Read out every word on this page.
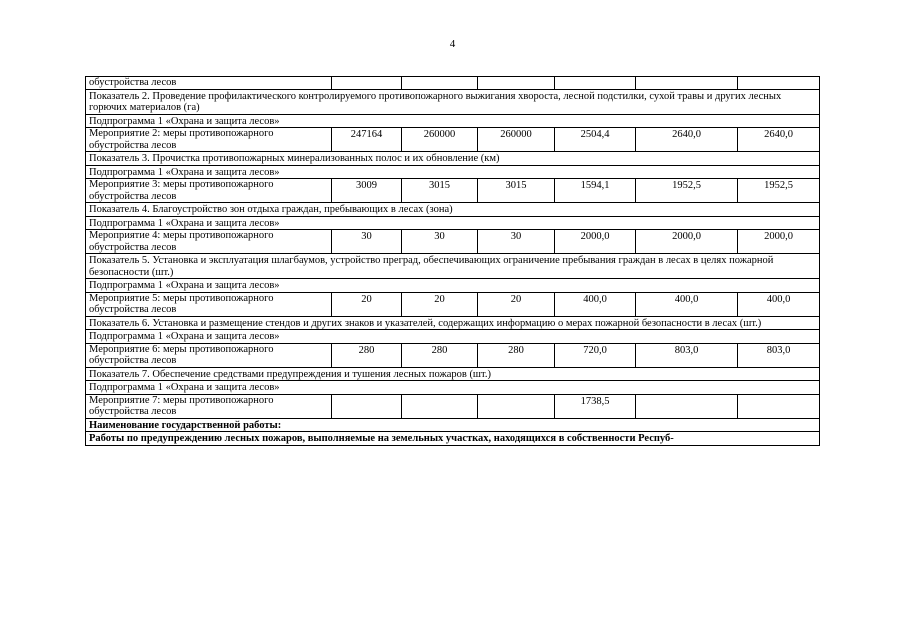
4
обустройства лесов						
Показатель 2. Проведение профилактического контролируемого противопожарного выжигания хворостa, лесной подстилки, сухой травы и других лесных горючих материалов (га)						
Подпрограмма 1 «Охрана и защита лесов»						
Мероприятие 2: меры противопожарного обустройства лесов	247164	260000	260000	2504,4	2640,0	2640,0
Показатель 3. Прочистка противопожарных минерализованных полос и их обновление (км)						
Подпрограмма 1 «Охрана и защита лесов»						
Мероприятие 3: меры противопожарного обустройства лесов	3009	3015	3015	1594,1	1952,5	1952,5
Показатель 4. Благоустройство зон отдыха граждан, пребывающих в лесах (зона)						
Подпрограмма 1 «Охрана и защита лесов»						
Мероприятие 4: меры противопожарного обустройства лесов	30	30	30	2000,0	2000,0	2000,0
Показатель 5. Установка и эксплуатация шлагбаумов, устройство преград, обеспечивающих ограничение пребывания граждан в лесах в целях пожарной безопасности (шт.)						
Подпрограмма 1 «Охрана и защита лесов»						
Мероприятие 5: меры противопожарного обустройства лесов	20	20	20	400,0	400,0	400,0
Показатель 6. Установка и размещение стендов и других знаков и указателей, содержащих информацию о мерах пожарной безопасности в лесах (шт.)						
Подпрограмма 1 «Охрана и защита лесов»						
Мероприятие 6: меры противопожарного обустройства лесов	280	280	280	720,0	803,0	803,0
Показатель 7. Обеспечение средствами предупреждения и тушения лесных пожаров (шт.)						
Подпрограмма 1 «Охрана и защита лесов»						
Мероприятие 7: меры противопожарного обустройства лесов				1738,5		
Наименование государственной работы:						
Работы по предупреждению лесных пожаров, выполняемые на земельных участках, находящихся в собственности Респуб-						
